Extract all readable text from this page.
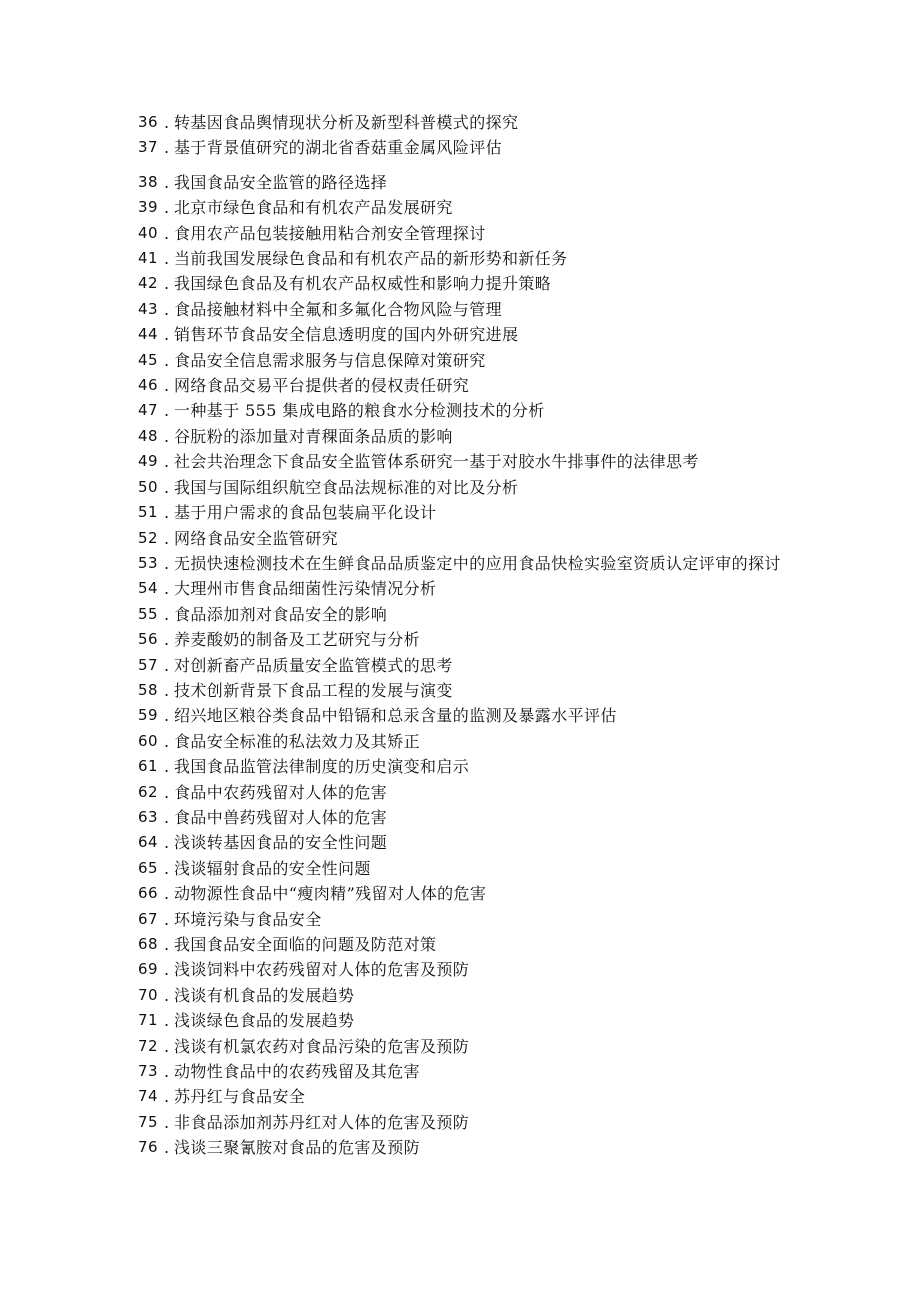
36 . 转基因食品舆情现状分析及新型科普模式的探究
37 . 基于背景值研究的湖北省香菇重金属风险评估
38 . 我国食品安全监管的路径选择
39 . 北京市绿色食品和有机农产品发展研究
40 . 食用农产品包装接触用粘合剂安全管理探讨
41 . 当前我国发展绿色食品和有机农产品的新形势和新任务
42 . 我国绿色食品及有机农产品权威性和影响力提升策略
43 . 食品接触材料中全氟和多氟化合物风险与管理
44 . 销售环节食品安全信息透明度的国内外研究进展
45 . 食品安全信息需求服务与信息保障对策研究
46 . 网络食品交易平台提供者的侵权责任研究
47 . 一种基于 555 集成电路的粮食水分检测技术的分析
48 . 谷朊粉的添加量对青稞面条品质的影响
49 . 社会共治理念下食品安全监管体系研究一基于对胶水牛排事件的法律思考
50 . 我国与国际组织航空食品法规标准的对比及分析
51 . 基于用户需求的食品包装扁平化设计
52 . 网络食品安全监管研究
53 . 无损快速检测技术在生鲜食品品质鉴定中的应用食品快检实验室资质认定评审的探讨
54 . 大理州市售食品细菌性污染情况分析
55 . 食品添加剂对食品安全的影响
56 . 养麦酸奶的制备及工艺研究与分析
57 . 对创新畜产品质量安全监管模式的思考
58 . 技术创新背景下食品工程的发展与演变
59 . 绍兴地区粮谷类食品中铅镉和总汞含量的监测及暴露水平评估
60 . 食品安全标准的私法效力及其矫正
61 . 我国食品监管法律制度的历史演变和启示
62 . 食品中农药残留对人体的危害
63 . 食品中兽药残留对人体的危害
64 . 浅谈转基因食品的安全性问题
65 . 浅谈辐射食品的安全性问题
66 . 动物源性食品中“瘦肉精”残留对人体的危害
67 . 环境污染与食品安全
68 . 我国食品安全面临的问题及防范对策
69 . 浅谈饲料中农药残留对人体的危害及预防
70 . 浅谈有机食品的发展趋势
71 . 浅谈绿色食品的发展趋势
72 . 浅谈有机氯农药对食品污染的危害及预防
73 . 动物性食品中的农药残留及其危害
74 . 苏丹红与食品安全
75 . 非食品添加剂苏丹红对人体的危害及预防
76 . 浅谈三聚氰胺对食品的危害及预防
